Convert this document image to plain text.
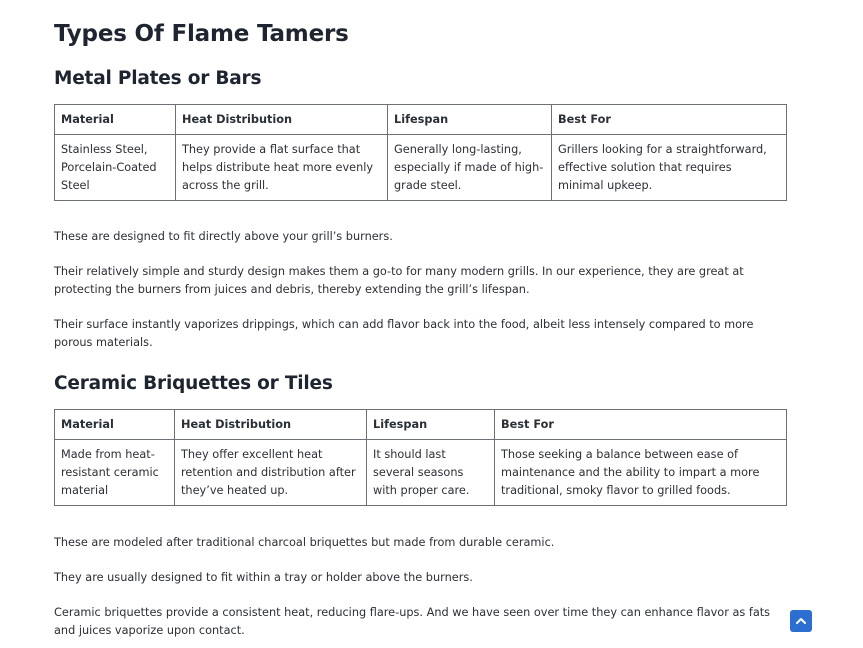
Types Of Flame Tamers
Metal Plates or Bars
Material	Heat Distribution	Lifespan	Best For
Stainless Steel, Porcelain-Coated Steel	They provide a flat surface that helps distribute heat more evenly across the grill.	Generally long-lasting, especially if made of high-grade steel.	Grillers looking for a straightforward, effective solution that requires minimal upkeep.

These are designed to fit directly above your grill’s burners.

Their relatively simple and sturdy design makes them a go-to for many modern grills. In our experience, they are great at protecting the burners from juices and debris, thereby extending the grill’s lifespan.

Their surface instantly vaporizes drippings, which can add flavor back into the food, albeit less intensely compared to more porous materials.

Ceramic Briquettes or Tiles
Material	Heat Distribution	Lifespan	Best For
Made from heat-resistant ceramic material	They offer excellent heat retention and distribution after they’ve heated up.	It should last several seasons with proper care.	Those seeking a balance between ease of maintenance and the ability to impart a more traditional, smoky flavor to grilled foods.

These are modeled after traditional charcoal briquettes but made from durable ceramic.

They are usually designed to fit within a tray or holder above the burners.

Ceramic briquettes provide a consistent heat, reducing flare-ups. And we have seen over time they can enhance flavor as fats and juices vaporize upon contact.
